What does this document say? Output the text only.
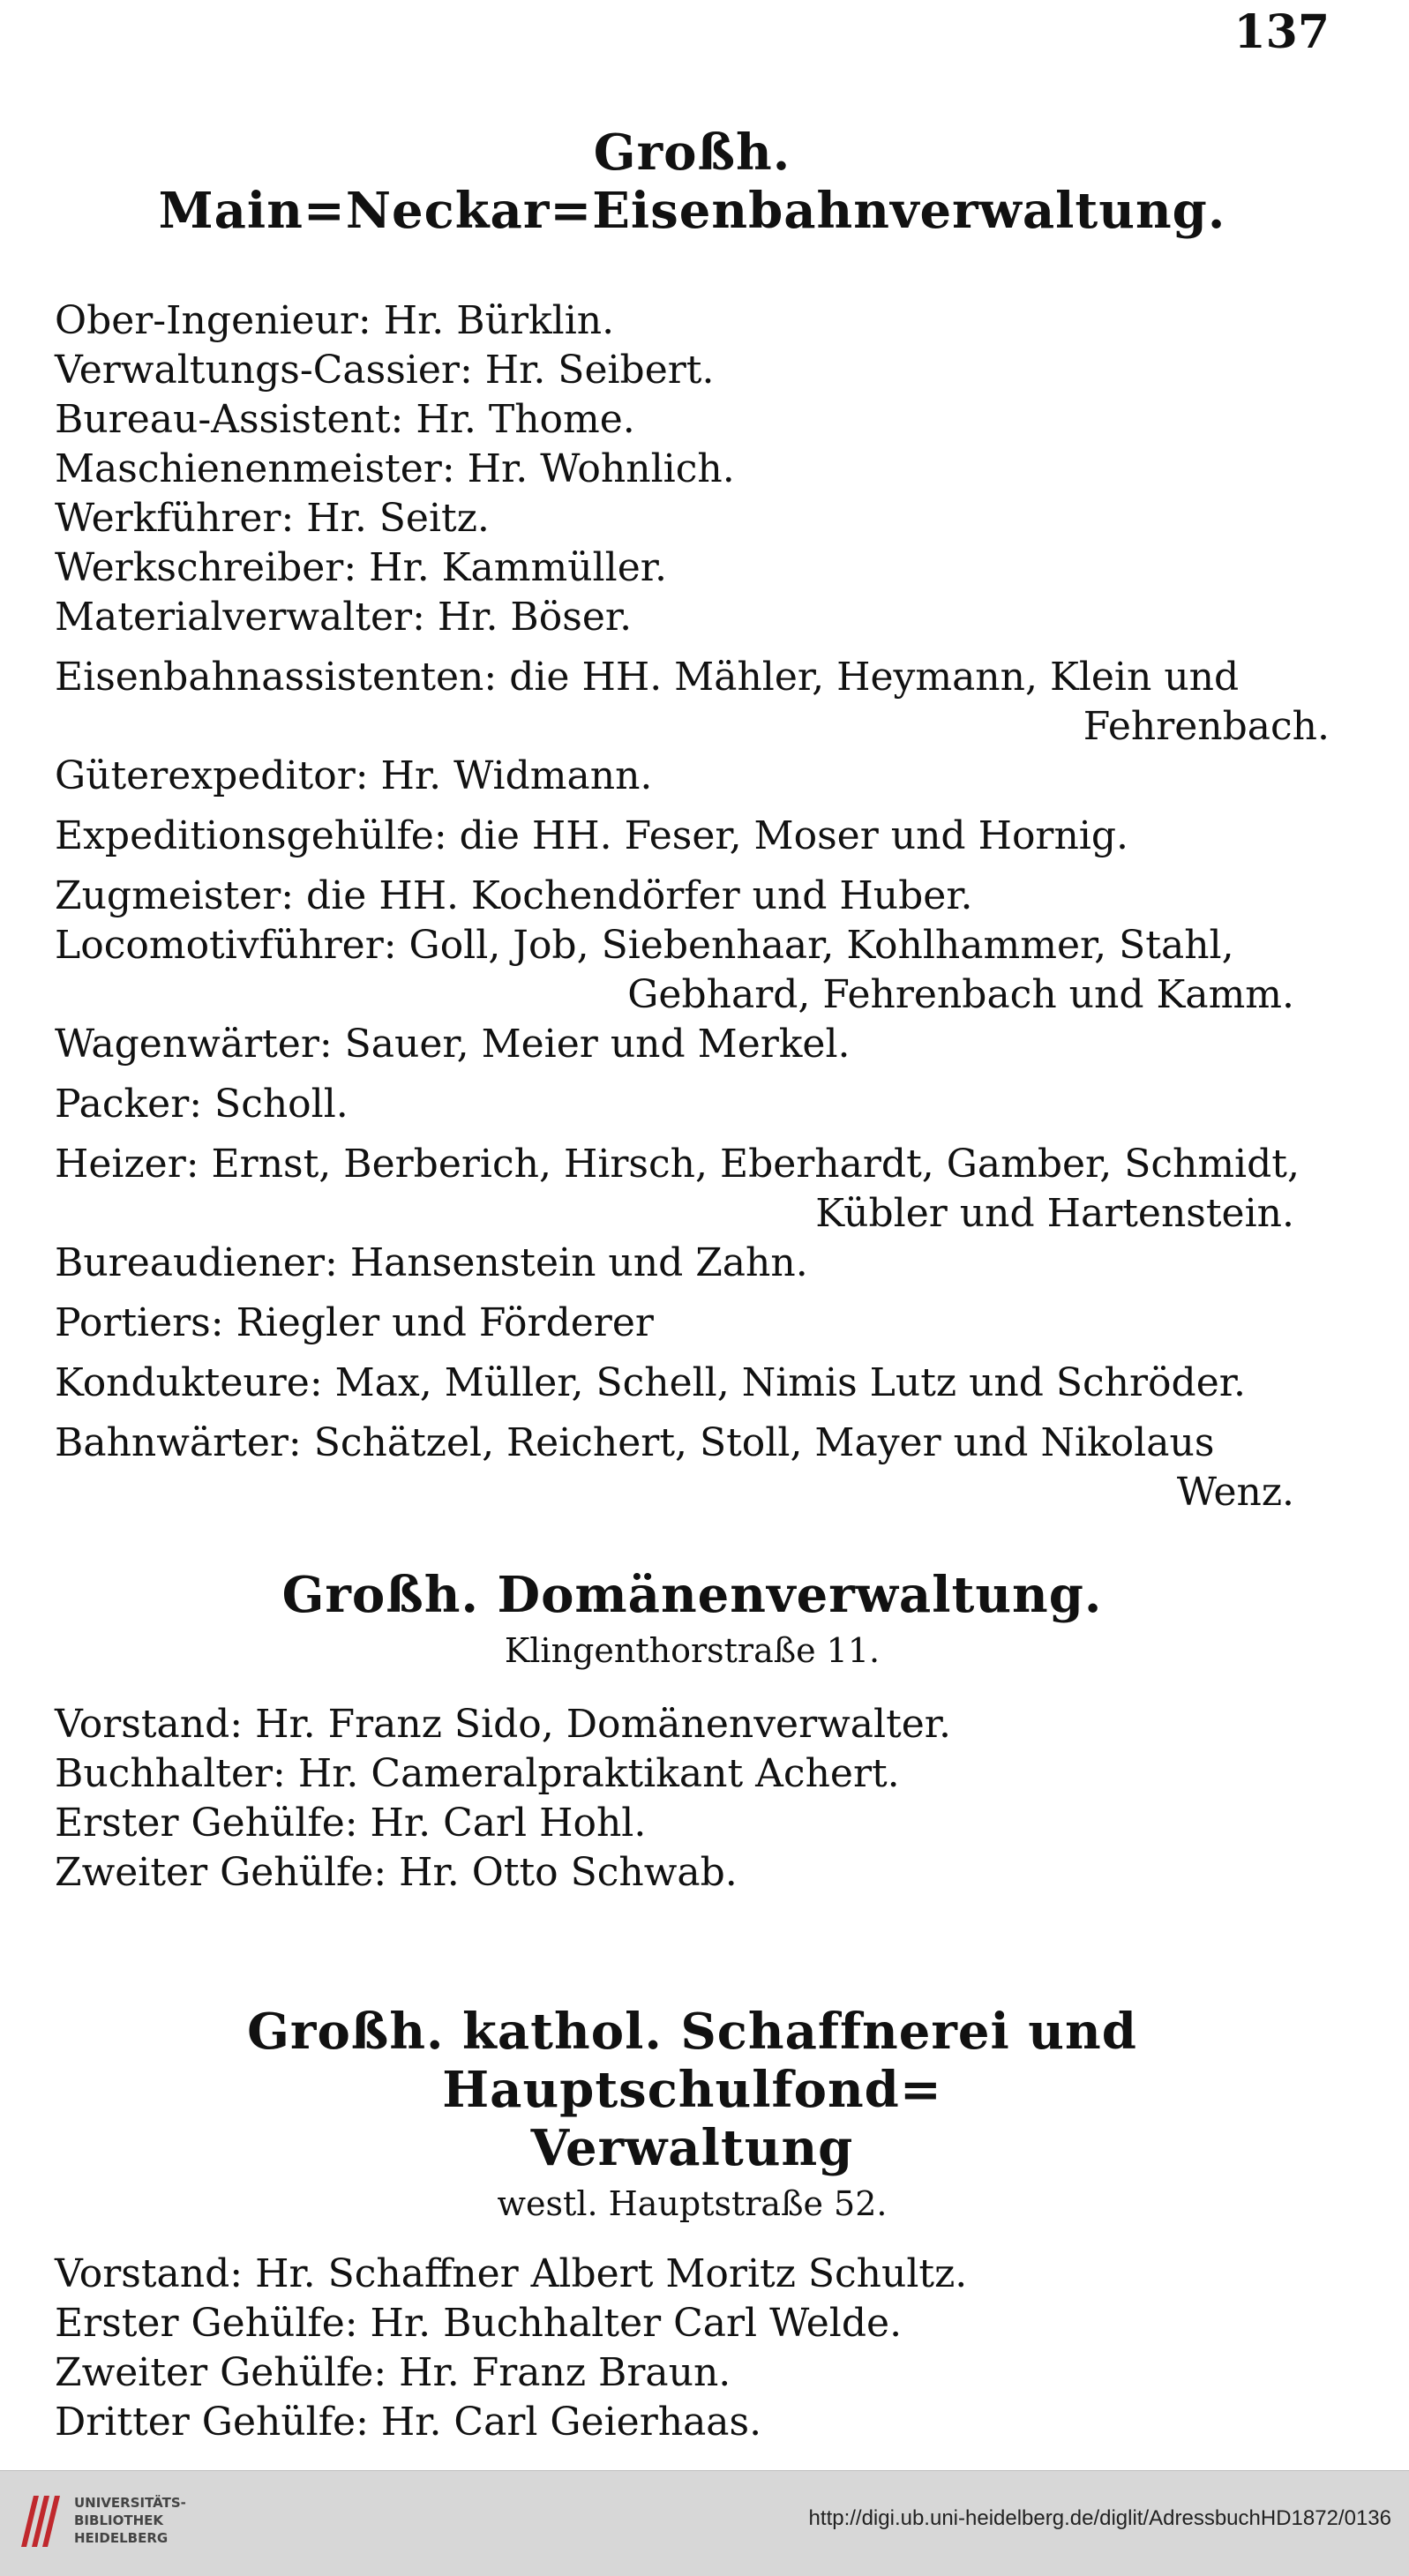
137

Großh. Main=Neckar=Eisenbahnverwaltung.

Ober-Ingenieur: Hr. Bürklin.

Verwaltungs-Cassier: Hr. Seibert.

Bureau-Assistent: Hr. Thome.

Maschienenmeister: Hr. Wohnlich.

Werkführer: Hr. Seitz.

Werkschreiber: Hr. Kammüller.

Materialverwalter: Hr. Böser.

Eisenbahnassistenten: die HH. Mähler, Heymann, Klein und

Fehrenbach.

Güterexpeditor: Hr. Widmann.

Expeditionsgehülfe: die HH. Feser, Moser und Hornig.

Zugmeister: die HH. Kochendörfer und Huber.

Locomotivführer: Goll, Job, Siebenhaar, Kohlhammer, Stahl,

Gebhard, Fehrenbach und Kamm.

Wagenwärter: Sauer, Meier und Merkel.

Packer: Scholl.

Heizer: Ernst, Berberich, Hirsch, Eberhardt, Gamber, Schmidt,

Kübler und Hartenstein.

Bureaudiener: Hansenstein und Zahn.

Portiers: Riegler und Förderer

Kondukteure: Max, Müller, Schell, Nimis Lutz und Schröder.

Bahnwärter: Schätzel, Reichert, Stoll, Mayer und Nikolaus

Wenz.

Großh. Domänenverwaltung.

Klingenthorstraße 11.

Vorstand: Hr. Franz Sido, Domänenverwalter.

Buchhalter: Hr. Cameralpraktikant Achert.

Erster Gehülfe: Hr. Carl Hohl.

Zweiter Gehülfe: Hr. Otto Schwab.

Großh. kathol. Schaffnerei und Hauptschulfond=

Verwaltung

westl. Hauptstraße 52.

Vorstand: Hr. Schaffner Albert Moritz Schultz.

Erster Gehülfe: Hr. Buchhalter Carl Welde.

Zweiter Gehülfe: Hr. Franz Braun.

Dritter Gehülfe: Hr. Carl Geierhaas.

UNIVERSITÄTS-
BIBLIOTHEK
HEIDELBERG
http://digi.ub.uni-heidelberg.de/diglit/AdressbuchHD1872/0136
